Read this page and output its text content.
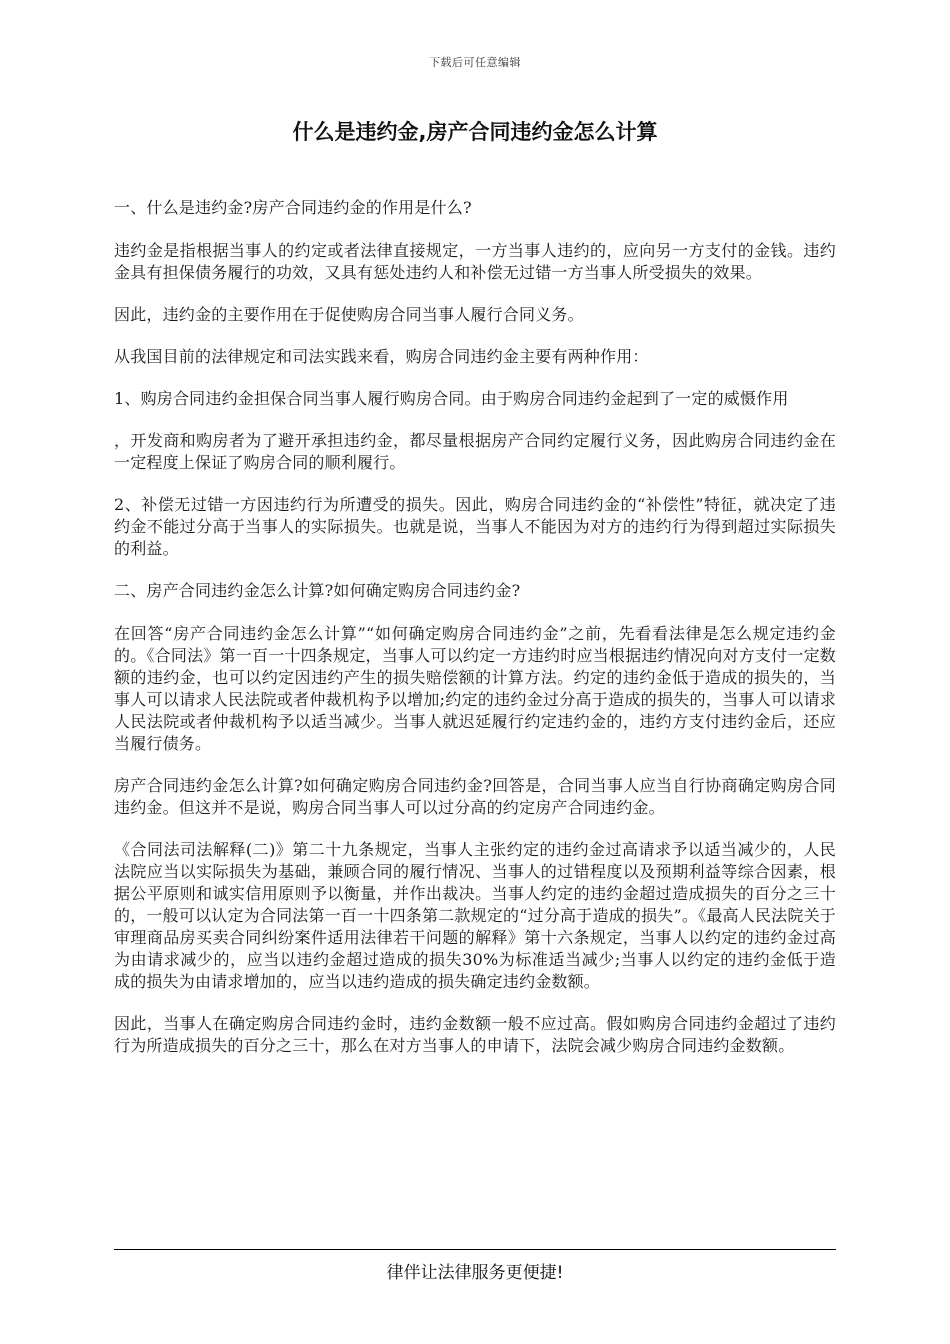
下载后可任意编辑
什么是违约金,房产合同违约金怎么计算

一、什么是违约金?房产合同违约金的作用是什么?

违约金是指根据当事人的约定或者法律直接规定，一方当事人违约的，应向另一方支付的金钱。违约金具有担保债务履行的功效，又具有惩处违约人和补偿无过错一方当事人所受损失的效果。

因此，违约金的主要作用在于促使购房合同当事人履行合同义务。

从我国目前的法律规定和司法实践来看，购房合同违约金主要有两种作用：

1、购房合同违约金担保合同当事人履行购房合同。由于购房合同违约金起到了一定的威慑作用

，开发商和购房者为了避开承担违约金，都尽量根据房产合同约定履行义务，因此购房合同违约金在一定程度上保证了购房合同的顺利履行。

2、补偿无过错一方因违约行为所遭受的损失。因此，购房合同违约金的“补偿性”特征，就决定了违约金不能过分高于当事人的实际损失。也就是说，当事人不能因为对方的违约行为得到超过实际损失的利益。

二、房产合同违约金怎么计算?如何确定购房合同违约金?

在回答“房产合同违约金怎么计算”“如何确定购房合同违约金”之前，先看看法律是怎么规定违约金的。《合同法》第一百一十四条规定，当事人可以约定一方违约时应当根据违约情况向对方支付一定数额的违约金，也可以约定因违约产生的损失赔偿额的计算方法。约定的违约金低于造成的损失的，当事人可以请求人民法院或者仲裁机构予以增加;约定的违约金过分高于造成的损失的，当事人可以请求人民法院或者仲裁机构予以适当减少。当事人就迟延履行约定违约金的，违约方支付违约金后，还应当履行债务。

房产合同违约金怎么计算?如何确定购房合同违约金?回答是，合同当事人应当自行协商确定购房合同违约金。但这并不是说，购房合同当事人可以过分高的约定房产合同违约金。

《合同法司法解释(二)》第二十九条规定，当事人主张约定的违约金过高请求予以适当减少的，人民法院应当以实际损失为基础，兼顾合同的履行情况、当事人的过错程度以及预期利益等综合因素，根据公平原则和诚实信用原则予以衡量，并作出裁决。当事人约定的违约金超过造成损失的百分之三十的，一般可以认定为合同法第一百一十四条第二款规定的“过分高于造成的损失”。《最高人民法院关于审理商品房买卖合同纠纷案件适用法律若干问题的解释》第十六条规定，当事人以约定的违约金过高为由请求减少的，应当以违约金超过造成的损失30%为标准适当减少;当事人以约定的违约金低于造成的损失为由请求增加的，应当以违约造成的损失确定违约金数额。

因此，当事人在确定购房合同违约金时，违约金数额一般不应过高。假如购房合同违约金超过了违约行为所造成损失的百分之三十，那么在对方当事人的申请下，法院会减少购房合同违约金数额。

律伴让法律服务更便捷!
